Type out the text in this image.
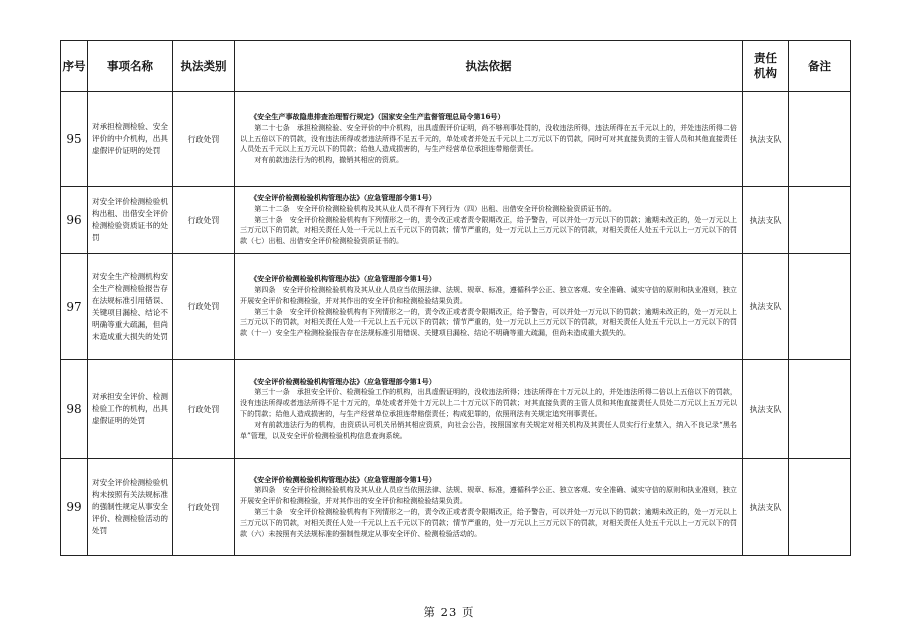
序号	事项名称	执法类别	执法依据	责任机构	备注
95	对承担检测检验、安全评价的中介机构，出具虚假评价证明的处罚	行政处罚	《安全生产事故隐患排查治理暂行规定》（国家安全生产监督管理总局令第16号）
第二十七条　承担检测检验、安全评价的中介机构，出具虚假评价证明，尚不够刑事处罚的，没收违法所得，违法所得在五千元以上的，并处违法所得二倍以上五倍以下的罚款，没有违法所得或者违法所得不足五千元的，单处或者并处五千元以上二万元以下的罚款，同时可对其直接负责的主管人员和其他直接责任人员处五千元以上五万元以下的罚款；给他人造成损害的，与生产经营单位承担连带赔偿责任。
对有前款违法行为的机构，撤销其相应的资质。	执法支队	
96	对安全评价检测检验机构出租、出借安全评价检测检验资质证书的处罚	行政处罚	《安全评价检测检验机构管理办法》（应急管理部令第1号）
第二十二条　安全评价检测检验机构及其从业人员不得有下列行为（四）出租、出借安全评价检测检验资质证书的。
第三十条　安全评价检测检验机构有下列情形之一的，责令改正或者责令限期改正，给予警告，可以并处一万元以下的罚款；逾期未改正的，处一万元以上三万元以下的罚款，对相关责任人处一千元以上五千元以下的罚款；情节严重的，处一万元以上三万元以下的罚款，对相关责任人处五千元以上一万元以下的罚款（七）出租、出借安全评价检测检验资质证书的。	执法支队	
97	对安全生产检测机构安全生产检测检验报告存在法规标准引用错误、关键项目漏检、结论不明确等重大疏漏，但尚未造成重大损失的处罚	行政处罚	《安全评价检测检验机构管理办法》（应急管理部令第1号）
第四条　安全评价检测检验机构及其从业人员应当依照法律、法规、规章、标准，遵循科学公正、独立客观、安全准确、诚实守信的原则和执业准则，独立开展安全评价和检测检验，并对其作出的安全评价和检测检验结果负责。
第三十条　安全评价检测检验机构有下列情形之一的，责令改正或者责令限期改正，给予警告，可以并处一万元以下的罚款；逾期未改正的，处一万元以上三万元以下的罚款，对相关责任人处一千元以上五千元以下的罚款；情节严重的，处一万元以上三万元以下的罚款，对相关责任人处五千元以上一万元以下的罚款（十一）安全生产检测检验报告存在法规标准引用错误、关键项目漏检、结论不明确等重大疏漏，但尚未造成重大损失的。	执法支队	
98	对承担安全评价、检测检验工作的机构，出具虚假证明的处罚	行政处罚	《安全评价检测检验机构管理办法》（应急管理部令第1号）
第三十一条　承担安全评价、检测检验工作的机构，出具虚假证明的，没收违法所得；违法所得在十万元以上的，并处违法所得二倍以上五倍以下的罚款，没有违法所得或者违法所得不足十万元的，单处或者并处十万元以上二十万元以下的罚款；对其直接负责的主管人员和其他直接责任人员处二万元以上五万元以下的罚款；给他人造成损害的，与生产经营单位承担连带赔偿责任；构成犯罪的，依照刑法有关规定追究刑事责任。
对有前款违法行为的机构，由资质认可机关吊销其相应资质，向社会公告，按照国家有关规定对相关机构及其责任人员实行行业禁入，纳入不良记录“黑名单”管理，以及安全评价检测检验机构信息查询系统。	执法支队	
99	对安全评价检测检验机构未按照有关法规标准的强制性规定从事安全评价、检测检验活动的处罚	行政处罚	《安全评价检测检验机构管理办法》（应急管理部令第1号）
第四条　安全评价检测检验机构及其从业人员应当依照法律、法规、规章、标准，遵循科学公正、独立客观、安全准确、诚实守信的原则和执业准则，独立开展安全评价和检测检验，并对其作出的安全评价和检测检验结果负责。
第三十条　安全评价检测检验机构有下列情形之一的，责令改正或者责令限期改正，给予警告，可以并处一万元以下的罚款；逾期未改正的，处一万元以上三万元以下的罚款，对相关责任人处一千元以上五千元以下的罚款；情节严重的，处一万元以上三万元以下的罚款，对相关责任人处五千元以上一万元以下的罚款（六）未按照有关法规标准的强制性规定从事安全评价、检测检验活动的。	执法支队	
第 23 页
